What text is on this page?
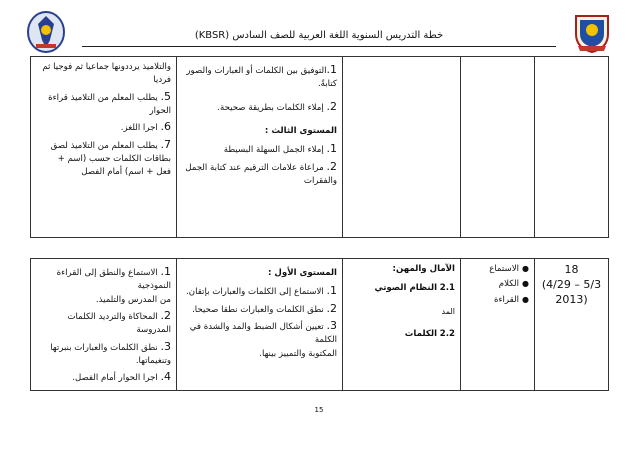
خطة التدريس السنوية اللغة العربية للصف السادس (KBSR)

1.التوفيق بين الكلمات أو العبارات والصور
كتابةً.
2. إملاء الكلمات بطريقة صحيحة.
المستوى الثالث :
1. إملاء الجمل السهلة البسيطة
2. مراعاة علامات الترقيم عند كتابة الجمل
والفقرات

والتلاميذ يرددونها جماعيا ثم فوجيا ثم
فرديا
5. يطلب المعلم من التلاميذ قراءة الحوار
6. اجرا اللغز.
7. يطلب المعلم من التلاميذ لصق
بطاقات الكلمات حسب (اسم +
فعل + اسم) أمام الفصل
18
(4/29 – 5/3
2013)

● الاستماع
● الكلام
● القراءة

الآمال والمهن:
2.1 النظام الصوتي
المد
2.2 الكلمات

المستوى الأول :
1. الاستماع إلى الكلمات والعبارات بإتقان.
2. نطق الكلمات والعبارات نطقا صحيحا.
3. تعيين أشكال الضبط والمد والشدة في الكلمة
المكتوبة والتمييز بينها.

1. الاستماع والنطق إلى القراءة النموذجية
من المدرس والتلميذ.
2. المحاكاة والترديد الكلمات المدروسة
3. نطق الكلمات والعبارات بنبرتها
وتنغيماتها.
4. اجرا الحوار أمام الفصل.
15
